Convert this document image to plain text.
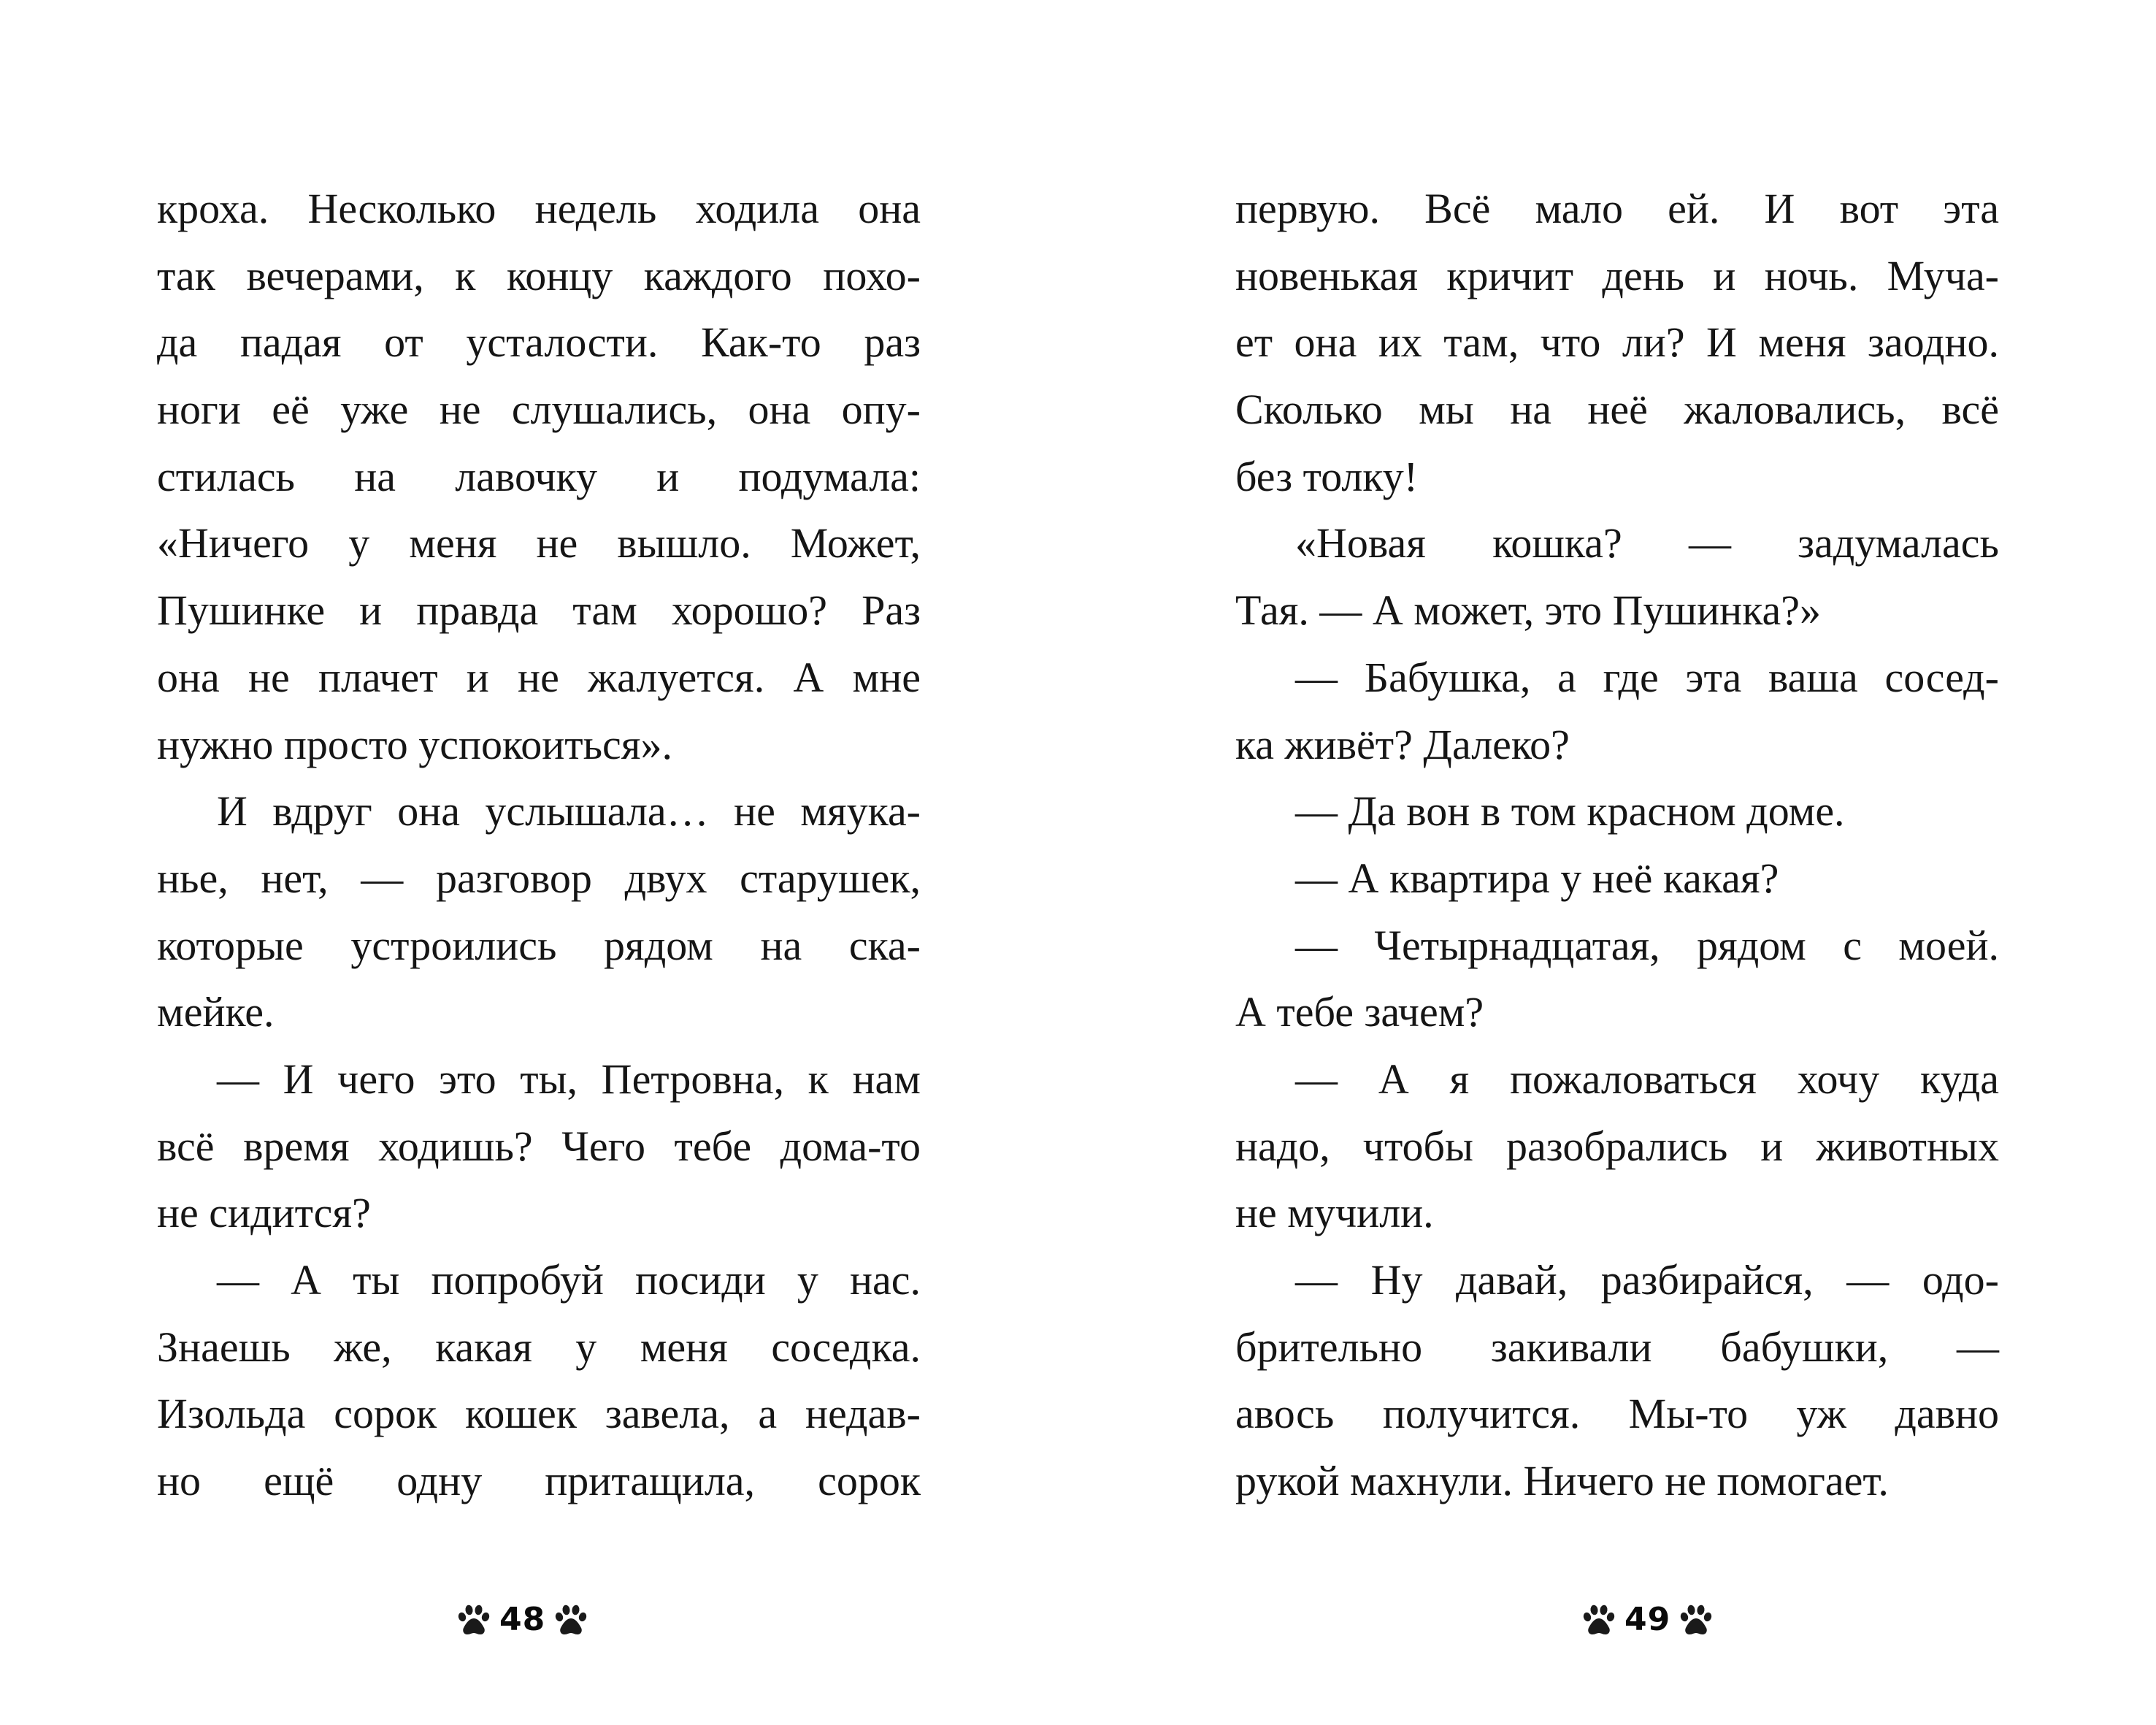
кроха. Несколько недель ходила она
так вечерами, к концу каждого похо-
да падая от усталости. Как-то раз
ноги её уже не слушались, она опу-
стилась на лавочку и подумала:
«Ничего у меня не вышло. Может,
Пушинке и правда там хорошо? Раз
она не плачет и не жалуется. А мне
нужно просто успокоиться».
И вдруг она услышала… не мяука-
нье, нет, — разговор двух старушек,
которые устроились рядом на ска-
мейке.
— И чего это ты, Петровна, к нам
всё время ходишь? Чего тебе дома-то
не сидится?
— А ты попробуй посиди у нас.
Знаешь же, какая у меня соседка.
Изольда сорок кошек завела, а недав-
но ещё одну притащила, сорок
48
первую. Всё мало ей. И вот эта
новенькая кричит день и ночь. Муча-
ет она их там, что ли? И меня заодно.
Сколько мы на неё жаловались, всё
без толку!
«Новая кошка? — задумалась
Тая. — А может, это Пушинка?»
— Бабушка, а где эта ваша сосед-
ка живёт? Далеко?
— Да вон в том красном доме.
— А квартира у неё какая?
— Четырнадцатая, рядом с моей.
А тебе зачем?
— А я пожаловаться хочу куда
надо, чтобы разобрались и животных
не мучили.
— Ну давай, разбирайся, — одо-
брительно закивали бабушки, —
авось получится. Мы-то уж давно
рукой махнули. Ничего не помогает.
49
